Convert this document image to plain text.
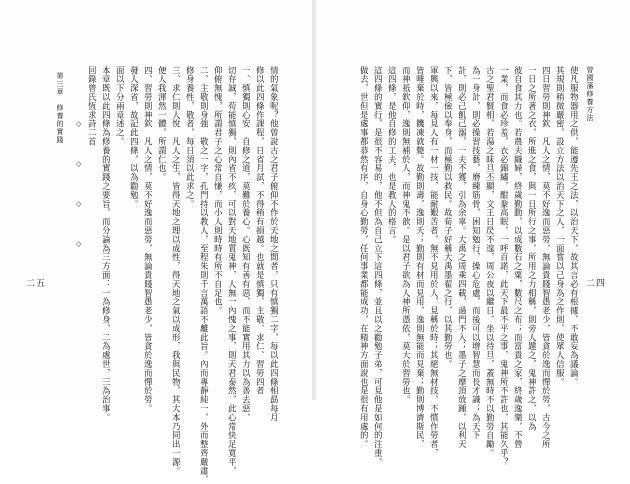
二五
第三章　修養的實踐 ◇
◇
◇
◇
回錄曾氏恆求詩二首 本章既以此四條為修養的實踐之要旨，而分論為三方面：一為修身，二為處世，三為治事。 面以下分兩章述之。 發人深省，故記此四條，以為勸勉。 四、習勞則神欽　凡人之情，莫不好逸而惡勞，無論貴賤智愚老少，皆貪於逸而憚於勞。 便人我渾然一體，所謂仁也。 三、求仁則人悅　凡人之生，皆得天地之理以成性，得天地之氣以成形，我與民物，其大本乃同出一源。 修身養性，敬者，每日須以此求之。 二、主敬則身強　敬之一字，孔門持以教人，至程朱則千言萬語不離此旨。內而專靜純一，外而整齊嚴肅， 仰俯無愧，所謂君子之心常自慊，而小人則時時有所不自足也。 切存誠，苟能慎獨，則內省不疚，可以對天地質鬼神，人無一內愧之事，則天君泰然，此心常快足寬平， 一、慎獨則心安　自修之道，莫難於養心。心既知有善有惡，而不能實用其力以為善去惡， 修以此四條作課程，日省月試，不得稍有損越。也就是慎獨、主敬、求仁、習勞四者 情的氣象呢？他曾說古之君子俯仰不作於天地之間者，只有慎獨二字，每以此四條相勗每月	做去，世但是處事都恭然有序，自身心勤勞，任何事業都能成功，在精神方面說也是很有用處的。 這四條的實行，是很不容易的，他不但為自己立下這四條，並且以之勸勉子弟，可見他是如何的注重。 這四條，是他自修的工夫，也是教人的格言。 而神祇欽仰，逸則無補於人，而神鬼不歆。是以君子欲為人神所憑依，莫大於習勞也。 皆唾棄於時，饑凍就斃。故勤則壽，逸則夭；勤則有材而見用，逸則無能而見棄；勤則博濟斯民， 軍興以來，每見人有一材一技，能耐艱苦者，無不見用於人，見稱於時；其絕無材技，不慣作勞者， 下，皆極儉以奉身，而極勤以救民。故荀子好稱大禹墨翟之行，以其勤勞也。 計，則必己飢己溺，一夫不獲，引為余辜。大禹之周乘四載，過門不入；墨子之摩頂放踵，以利天 為一身計，則必操習技藝，磨練筋骨，困知勉行，操心危慮，而後可以增智慧而長才識；為天下 古之聖君賢相，若湯之昧旦丕顯，文王日昃不遑，周公夜以繼日，坐以待旦，蓋無時不以勤勞自勵。 一業，而食必珍羞，衣必錦繡，酣豢高眠，一呼百諾，此天下最不平之事，鬼神所不許也，其能久乎？ 彼自食其力也。若農夫織婦，終歲勤動，以成數石之粟，數尺之布；而富貴之家，終歲逸樂，不營 一日之所著之衣，所進之食，與一日所行之事，所用之力相稱，則旁人韙之，鬼神許之，以為 四日習勞則神欽　凡人之情，莫不好逸而惡勞，無論貴賤智愚老少，皆貪於逸而憚於勞，古今之所 其規則稍微嚴密，設立方法以治天下之人，一面嘗以己身為之作則，使眾人信服。 使凡服物器用之供，能遵先王之法，以治天下，故其言必有根據，不敢妄為議論。 曾國藩修養方法
二四
